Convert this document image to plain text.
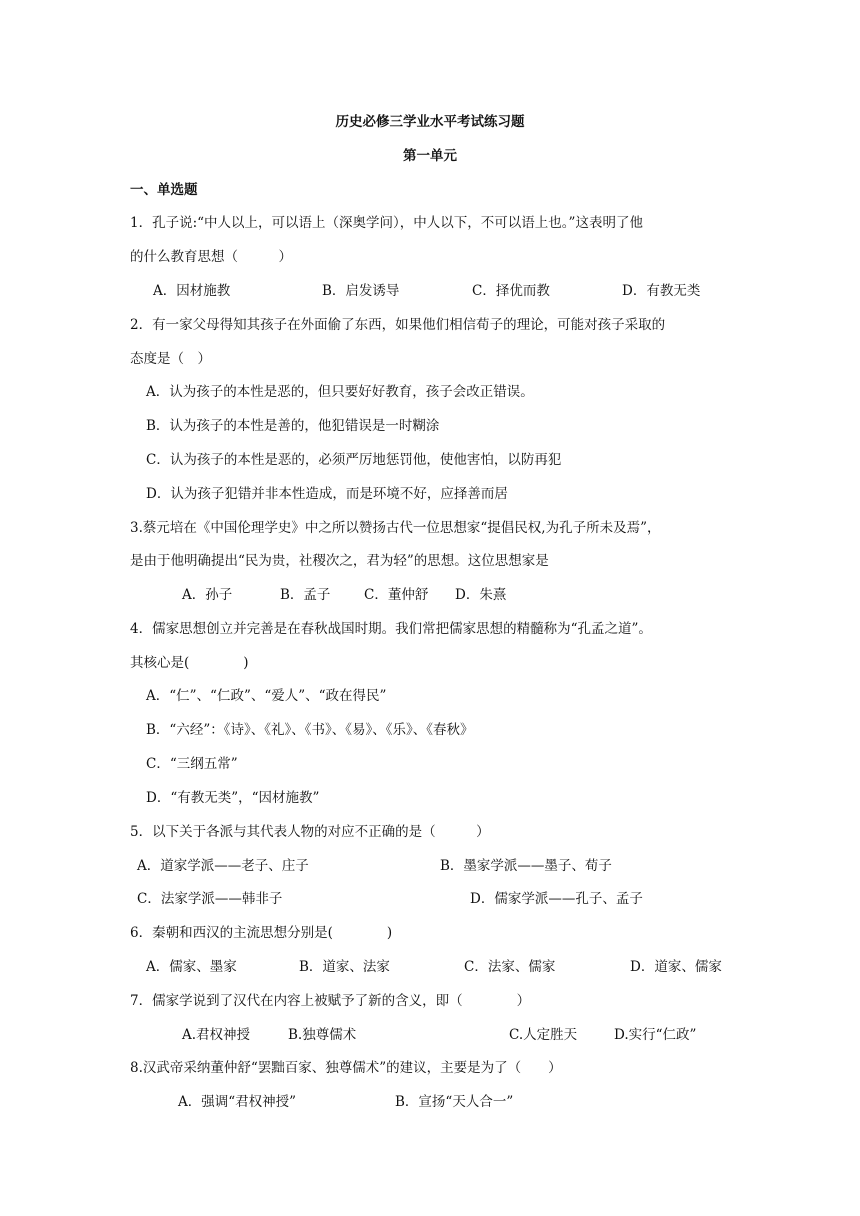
历史必修三学业水平考试练习题
第一单元
一、单选题
1．孔子说:“中人以上，可以语上（深奥学问），中人以下，不可以语上也。”这表明了他
的什么教育思想（　　　）
A．因材施教	B．启发诱导	C．择优而教	D．有教无类
2．有一家父母得知其孩子在外面偷了东西，如果他们相信荀子的理论，可能对孩子采取的
态度是（　）
A．认为孩子的本性是恶的，但只要好好教育，孩子会改正错误。
B．认为孩子的本性是善的，他犯错误是一时糊涂
C．认为孩子的本性是恶的，必须严厉地惩罚他，使他害怕，以防再犯
D．认为孩子犯错并非本性造成，而是环境不好，应择善而居
3.蔡元培在《中国伦理学史》中之所以赞扬古代一位思想家“提倡民权,为孔子所未及焉”，
是由于他明确提出“民为贵，社稷次之，君为轻”的思想。这位思想家是
A．孙子	B．孟子 C．董仲舒 D．朱熹
4．儒家思想创立并完善是在春秋战国时期。我们常把儒家思想的精髓称为“孔孟之道”。
其核心是(　　　　)
A．“仁”、“仁政”、“爱人”、“政在得民”
B．“六经”：《诗》、《礼》、《书》、《易》、《乐》、《春秋》
C．“三纲五常”
D．“有教无类”，“因材施教”
5．以下关于各派与其代表人物的对应不正确的是（　　　）
A．道家学派——老子、庄子	B．墨家学派——墨子、荀子
C．法家学派——韩非子	D．儒家学派——孔子、孟子
6．秦朝和西汉的主流思想分别是(　　　　)
A．儒家、墨家	B．道家、法家	C．法家、儒家	D．道家、儒家
7．儒家学说到了汉代在内容上被赋予了新的含义，即（　　　　）
A.君权神授	B.独尊儒术	C.人定胜天	D.实行“仁政”
8.汉武帝采纳董仲舒“罢黜百家、独尊儒术”的建议，主要是为了（　　）
A．强调“君权神授”	B．宣扬“天人合一”
